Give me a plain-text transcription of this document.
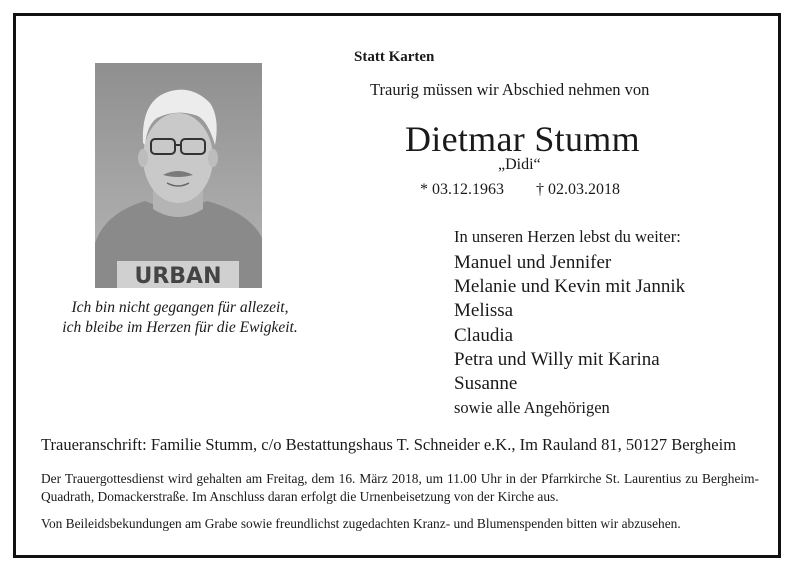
URBAN
Statt Karten
Traurig müssen wir Abschied nehmen von
Dietmar Stumm
„Didi“
* 03.12.1963 † 02.03.2018
Ich bin nicht gegangen für allezeit,
ich bleibe im Herzen für die Ewigkeit.
In unseren Herzen lebst du weiter:
Manuel und Jennifer
Melanie und Kevin mit Jannik
Melissa
Claudia
Petra und Willy mit Karina
Susanne
sowie alle Angehörigen
Traueranschrift: Familie Stumm, c/o Bestattungshaus T. Schneider e.K., Im Rauland 81, 50127 Bergheim
Der Trauergottesdienst wird gehalten am Freitag, dem 16. März 2018, um 11.00 Uhr in der Pfarrkirche St. Laurentius zu Bergheim-Quadrath, Domackerstraße. Im Anschluss daran erfolgt die Urnenbeisetzung von der Kirche aus.
Von Beileidsbekundungen am Grabe sowie freundlichst zugedachten Kranz- und Blumenspenden bitten wir abzusehen.
